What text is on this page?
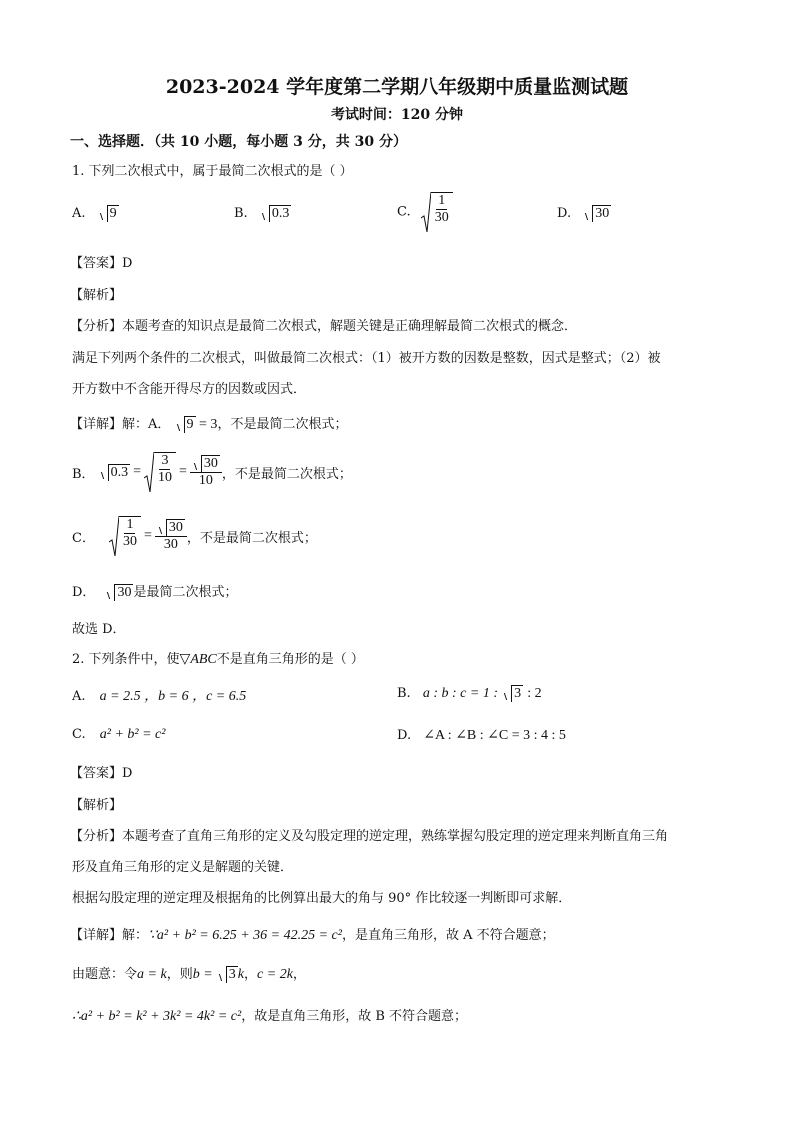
2023-2024 学年度第二学期八年级期中质量监测试题
考试时间：120 分钟
一、选择题．（共 10 小题，每小题 3 分，共 30 分）
1. 下列二次根式中，属于最简二次根式的是（ ）
A. 9	B. 0.3	C. $\frac{1}{30}$	D. 30
【答案】D
【解析】
【分析】本题考查的知识点是最简二次根式，解题关键是正确理解最简二次根式的概念．
满足下列两个条件的二次根式，叫做最简二次根式：（1）被开方数的因数是整数，因式是整式；（2）被
开方数中不含能开得尽方的因数或因式．
【详解】解：A． 9 = 3，不是最简二次根式；
B．	$0.3 = \frac{3}{10} = \frac{30}{10}$ ，不是最简二次根式；
C． $\frac{1}{30} = \frac{30}{30}$ ，不是最简二次根式；
D． 30 是最简二次根式；
故选 D．
2. 下列条件中，使▽ABC不是直角三角形的是（ ）
A. a = 2.5 ，b = 6 ，c = 6.5	B. a : b : c = 1 : 3 : 2
C. a² + b² = c²	D. ∠A : ∠B : ∠C = 3 : 4 : 5
【答案】D
【解析】
【分析】本题考查了直角三角形的定义及勾股定理的逆定理，熟练掌握勾股定理的逆定理来判断直角三角
形及直角三角形的定义是解题的关键．
根据勾股定理的逆定理及根据角的比例算出最大的角与 90° 作比较逐一判断即可求解．
【详解】解：∵a² + b² = 6.25 + 36 = 42.25 = c²，是直角三角形，故 A 不符合题意；
由题意：令a = k，则b = 3 k，c = 2k，
∴a² + b² = k² + 3k² = 4k² = c²，故是直角三角形，故 B 不符合题意；
